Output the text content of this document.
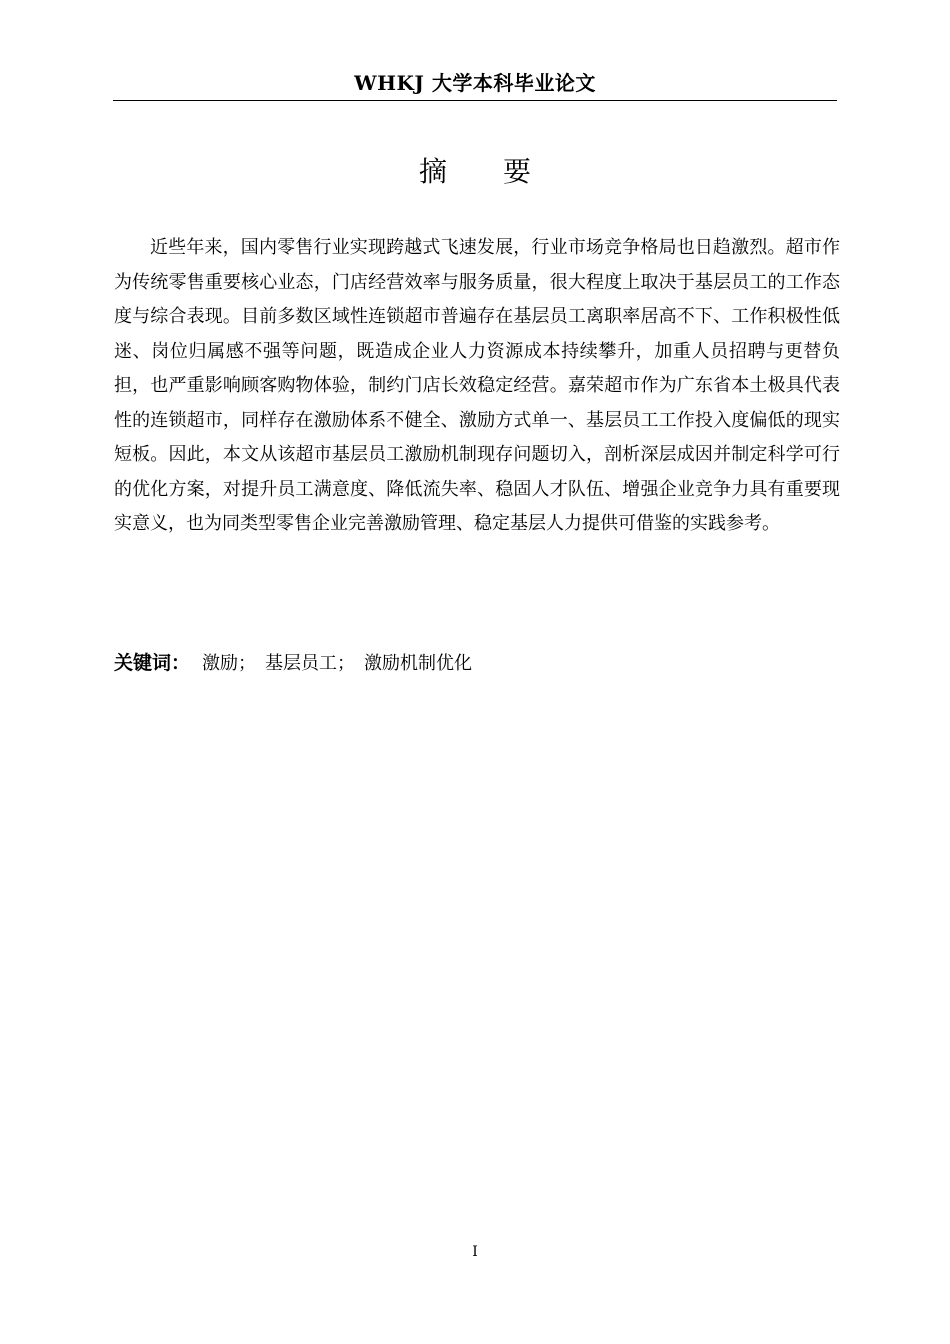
WHKJ 大学本科毕业论文
摘　　要

近些年来，国内零售行业实现跨越式飞速发展，行业市场竞争格局也日趋激烈。超市作为传统零售重要核心业态，门店经营效率与服务质量，很大程度上取决于基层员工的工作态度与综合表现。目前多数区域性连锁超市普遍存在基层员工离职率居高不下、工作积极性低迷、岗位归属感不强等问题，既造成企业人力资源成本持续攀升，加重人员招聘与更替负担，也严重影响顾客购物体验，制约门店长效稳定经营。嘉荣超市作为广东省本土极具代表性的连锁超市，同样存在激励体系不健全、激励方式单一、基层员工工作投入度偏低的现实短板。因此，本文从该超市基层员工激励机制现存问题切入，剖析深层成因并制定科学可行的优化方案，对提升员工满意度、降低流失率、稳固人才队伍、增强企业竞争力具有重要现实意义，也为同类型零售企业完善激励管理、稳定基层人力提供可借鉴的实践参考。

关键词： 激励；　基层员工；　激励机制优化
I
